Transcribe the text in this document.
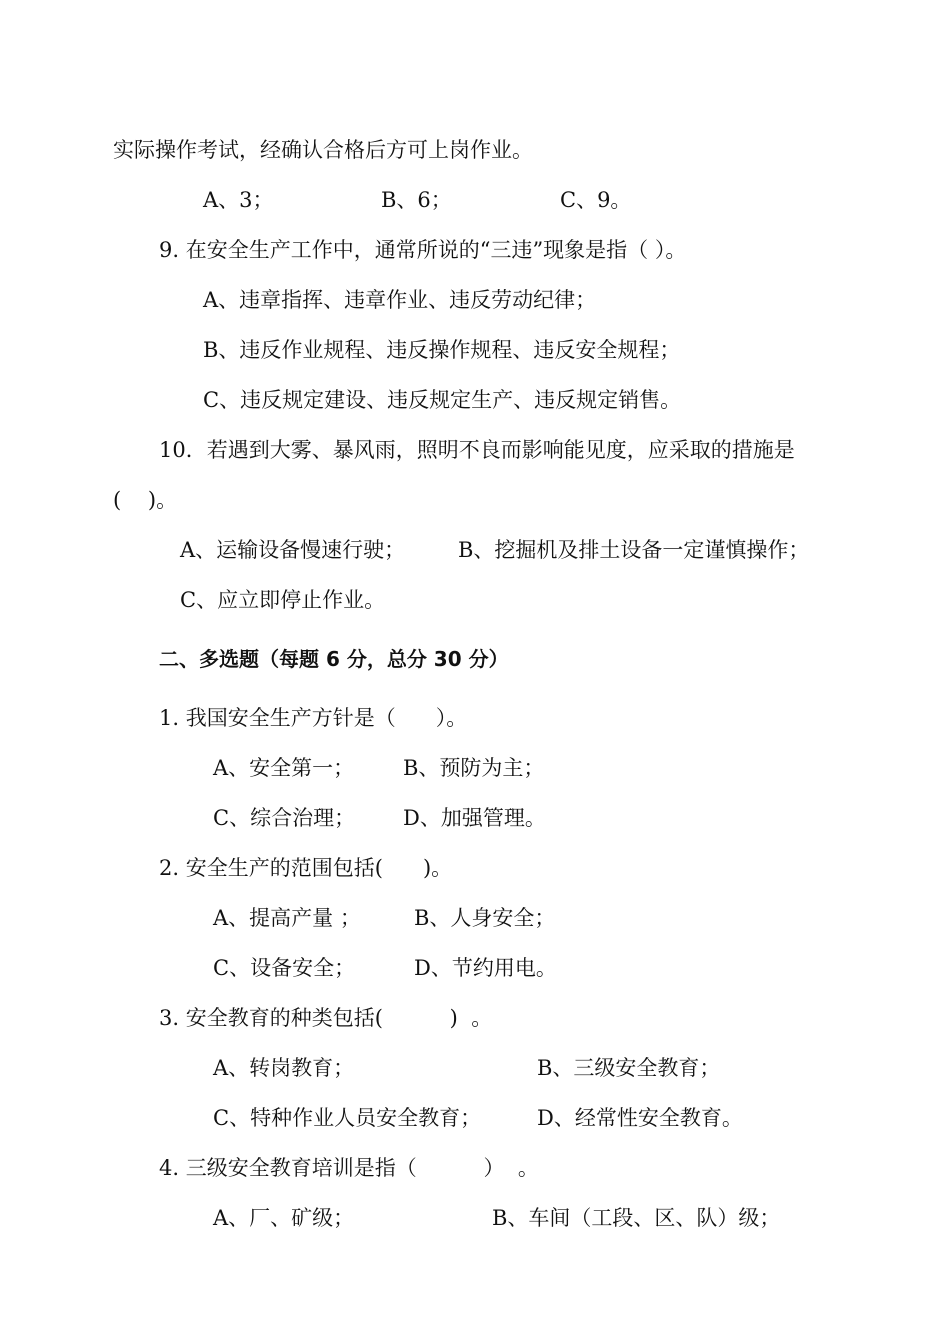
实际操作考试，经确认合格后方可上岗作业。
A、3；	B、6；	C、9。
9. 在安全生产工作中，通常所说的“三违”现象是指（ ）。
A、违章指挥、违章作业、违反劳动纪律；
B、违反作业规程、违反操作规程、违反安全规程；
C、违反规定建设、违反规定生产、违反规定销售。
10．若遇到大雾、暴风雨，照明不良而影响能见度，应采取的措施是
(    )。
A、运输设备慢速行驶；	B、挖掘机及排土设备一定谨慎操作；
C、应立即停止作业。
二、多选题（每题 6 分，总分 30 分）
1. 我国安全生产方针是（      ）。
A、安全第一； B、预防为主；
C、综合治理； D、加强管理。
2. 安全生产的范围包括(      )。
A、提高产量 ；	B、人身安全；
C、设备安全；	D、节约用电。
3. 安全教育的种类包括(          )  。
A、转岗教育；	B、三级安全教育；
C、特种作业人员安全教育；	D、经常性安全教育。
4. 三级安全教育培训是指（          ）  。
A、厂、矿级；	B、车间（工段、区、队）级；
